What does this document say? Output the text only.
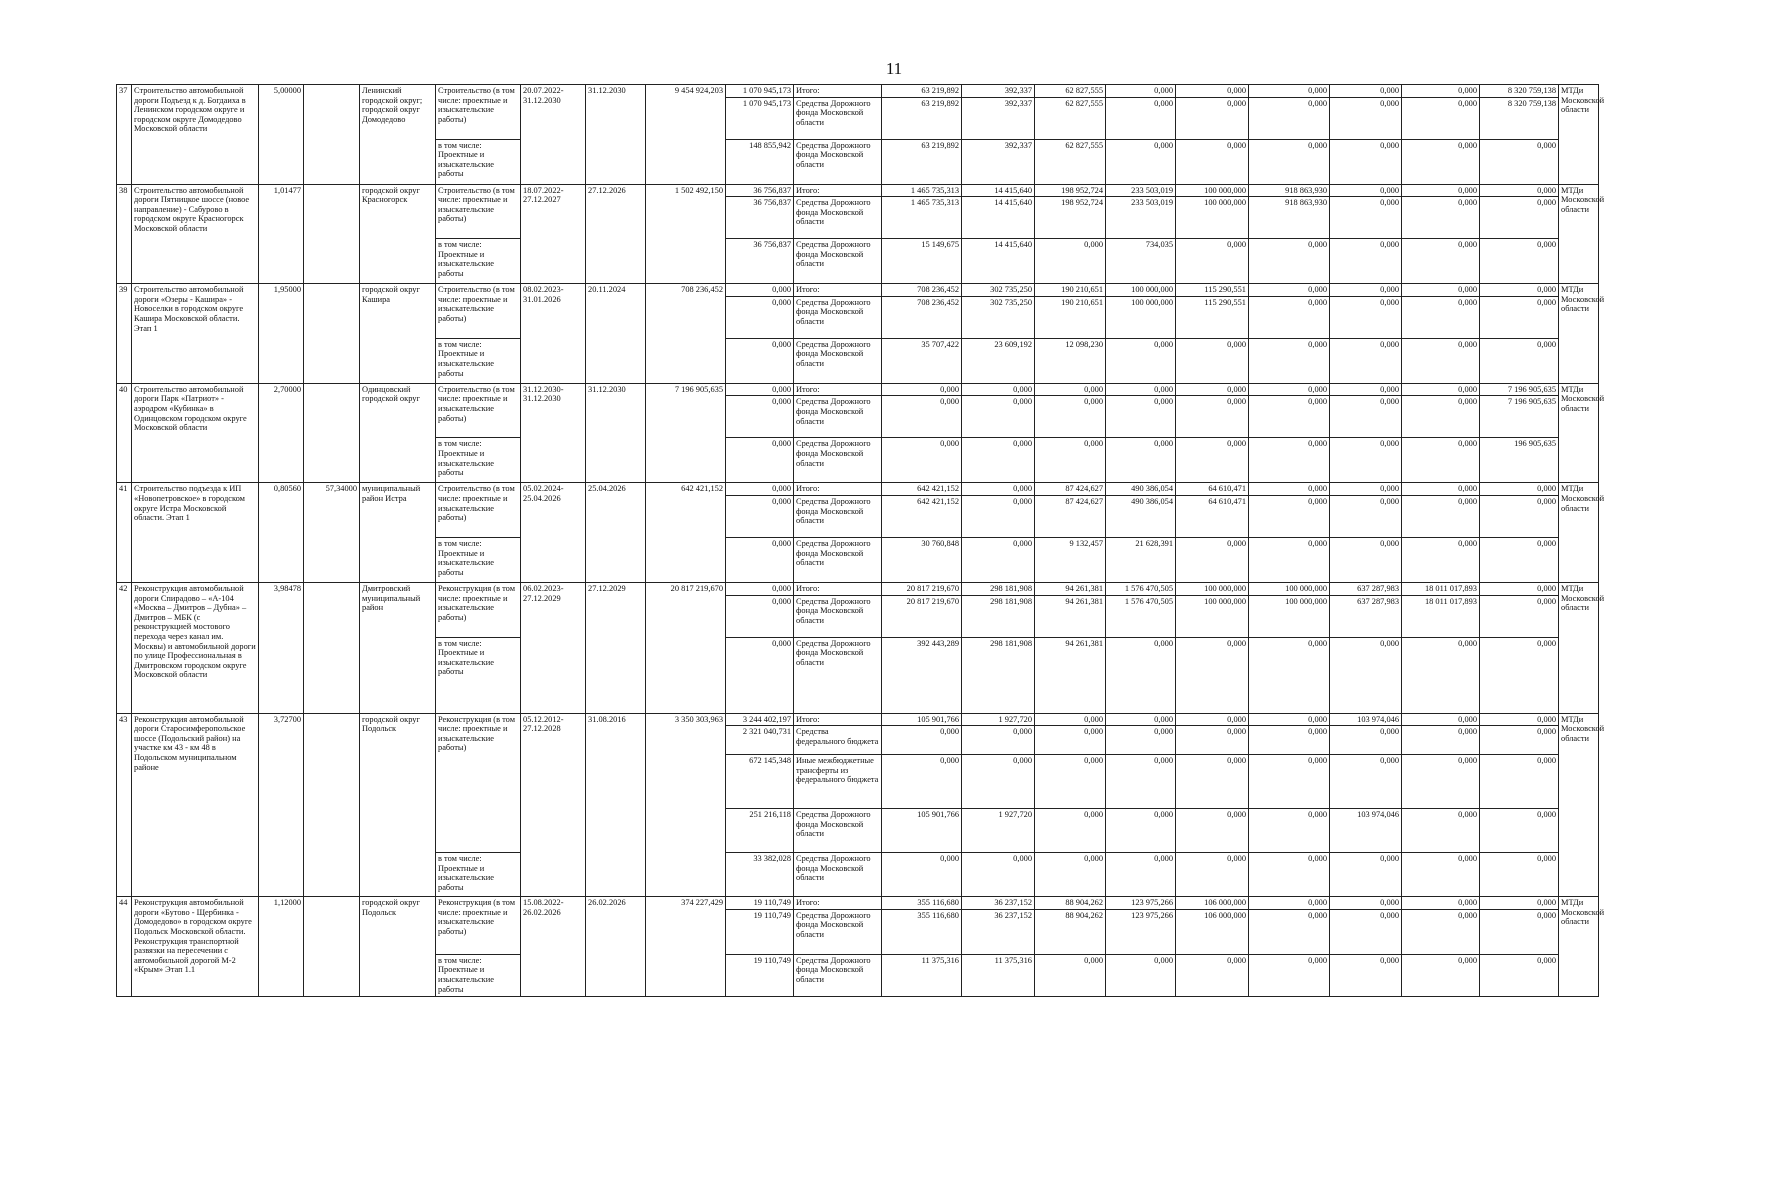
11
37	Строительство автомобильной дороги Подъезд к д. Богдаиха в Ленинском городском округе и городском округе Домодедово Московской области	5,00000		Ленинский городской округ; городской округ Домодедово	Строительство (в том числе: проектные и изыскательские работы)	20.07.2022-31.12.2030	31.12.2030	9 454 924,203	1 070 945,173	Итого:	63 219,892	392,337	62 827,555	0,000	0,000	0,000	0,000	0,000	8 320 759,138	МТДи Московской области
									1 070 945,173	Средства Дорожного фонда Московской области	63 219,892	392,337	62 827,555	0,000	0,000	0,000	0,000	0,000	8 320 759,138	
					в том числе: Проектные и изыскательские работы				148 855,942	Средства Дорожного фонда Московской области	63 219,892	392,337	62 827,555	0,000	0,000	0,000	0,000	0,000	0,000	
38	Строительство автомобильной дороги Пятницкое шоссе (новое направление) - Сабурово в городском округе Красногорск Московской области	1,01477		городской округ Красногорск	Строительство (в том числе: проектные и изыскательские работы)	18.07.2022-27.12.2027	27.12.2026	1 502 492,150	36 756,837	Итого:	1 465 735,313	14 415,640	198 952,724	233 503,019	100 000,000	918 863,930	0,000	0,000	0,000	МТДи Московской области
									36 756,837	Средства Дорожного фонда Московской области	1 465 735,313	14 415,640	198 952,724	233 503,019	100 000,000	918 863,930	0,000	0,000	0,000	
					в том числе: Проектные и изыскательские работы				36 756,837	Средства Дорожного фонда Московской области	15 149,675	14 415,640	0,000	734,035	0,000	0,000	0,000	0,000	0,000	
39	Строительство автомобильной дороги «Озеры - Каширa» - Новоселки в городском округе Кашира Московской области. Этап 1	1,95000		городской округ Кашира	Строительство (в том числе: проектные и изыскательские работы)	08.02.2023-31.01.2026	20.11.2024	708 236,452	0,000	Итого:	708 236,452	302 735,250	190 210,651	100 000,000	115 290,551	0,000	0,000	0,000	0,000	МТДи Московской области
									0,000	Средства Дорожного фонда Московской области	708 236,452	302 735,250	190 210,651	100 000,000	115 290,551	0,000	0,000	0,000	0,000	
					в том числе: Проектные и изыскательские работы				0,000	Средства Дорожного фонда Московской области	35 707,422	23 609,192	12 098,230	0,000	0,000	0,000	0,000	0,000	0,000	
40	Строительство автомобильной дороги Парк «Патриот» - аэродром «Кубинка» в Одинцовском городском округе Московской области	2,70000		Одинцовский городской округ	Строительство (в том числе: проектные и изыскательские работы)	31.12.2030-31.12.2030	31.12.2030	7 196 905,635	0,000	Итого:	0,000	0,000	0,000	0,000	0,000	0,000	0,000	0,000	7 196 905,635	МТДи Московской области
									0,000	Средства Дорожного фонда Московской области	0,000	0,000	0,000	0,000	0,000	0,000	0,000	0,000	7 196 905,635	
					в том числе: Проектные и изыскательские работы				0,000	Средства Дорожного фонда Московской области	0,000	0,000	0,000	0,000	0,000	0,000	0,000	0,000	196 905,635	
41	Строительство подъезда к ИП «Новопетровское» в городском округе Истра Московской области. Этап 1	0,80560	57,34000	муниципальный район Истра	Строительство (в том числе: проектные и изыскательские работы)	05.02.2024-25.04.2026	25.04.2026	642 421,152	0,000	Итого:	642 421,152	0,000	87 424,627	490 386,054	64 610,471	0,000	0,000	0,000	0,000	МТДи Московской области
									0,000	Средства Дорожного фонда Московской области	642 421,152	0,000	87 424,627	490 386,054	64 610,471	0,000	0,000	0,000	0,000	
					в том числе: Проектные и изыскательские работы				0,000	Средства Дорожного фонда Московской области	30 760,848	0,000	9 132,457	21 628,391	0,000	0,000	0,000	0,000	0,000	
42	Реконструкция автомобильной дороги Спирадово – «А-104 «Москва – Дмитров – Дубна» – Дмитров – МБК (с реконструкцией мостового перехода через канал им. Москвы) и автомобильной дороги по улице Профессиональная в Дмитровском городском округе Московской области	3,98478		Дмитровский муниципальный район	Реконструкция (в том числе: проектные и изыскательские работы)	06.02.2023-27.12.2029	27.12.2029	20 817 219,670	0,000	Итого:	20 817 219,670	298 181,908	94 261,381	1 576 470,505	100 000,000	100 000,000	637 287,983	18 011 017,893	0,000	МТДи Московской области
									0,000	Средства Дорожного фонда Московской области	20 817 219,670	298 181,908	94 261,381	1 576 470,505	100 000,000	100 000,000	637 287,983	18 011 017,893	0,000	
					в том числе: Проектные и изыскательские работы				0,000	Средства Дорожного фонда Московской области	392 443,289	298 181,908	94 261,381	0,000	0,000	0,000	0,000	0,000	0,000	
43	Реконструкция автомобильной дороги Старосимферопольское шоссе (Подольский район) на участке км 43 - км 48 в Подольском муниципальном районе	3,72700		городской округ Подольск	Реконструкция (в том числе: проектные и изыскательские работы)	05.12.2012-27.12.2028	31.08.2016	3 350 303,963	3 244 402,197	Итого:	105 901,766	1 927,720	0,000	0,000	0,000	0,000	103 974,046	0,000	0,000	МТДи Московской области
									2 321 040,731	Средства федерального бюджета	0,000	0,000	0,000	0,000	0,000	0,000	0,000	0,000	0,000	
									672 145,348	Иные межбюджетные трансферты из федерального бюджета	0,000	0,000	0,000	0,000	0,000	0,000	0,000	0,000	0,000	
									251 216,118	Средства Дорожного фонда Московской области	105 901,766	1 927,720	0,000	0,000	0,000	0,000	103 974,046	0,000	0,000	
					в том числе: Проектные и изыскательские работы				33 382,028	Средства Дорожного фонда Московской области	0,000	0,000	0,000	0,000	0,000	0,000	0,000	0,000	0,000	
44	Реконструкция автомобильной дороги «Бутово - Щербинка - Домодедово» в городском округе Подольск Московской области. Реконструкция транспортной развязки на пересечении с автомобильной дорогой М-2 «Крым» Этап 1.1	1,12000		городской округ Подольск	Реконструкция (в том числе: проектные и изыскательские работы)	15.08.2022-26.02.2026	26.02.2026	374 227,429	19 110,749	Итого:	355 116,680	36 237,152	88 904,262	123 975,266	106 000,000	0,000	0,000	0,000	0,000	МТДи Московской области
									19 110,749	Средства Дорожного фонда Московской области	355 116,680	36 237,152	88 904,262	123 975,266	106 000,000	0,000	0,000	0,000	0,000	
					в том числе: Проектные и изыскательские работы				19 110,749	Средства Дорожного фонда Московской области	11 375,316	11 375,316	0,000	0,000	0,000	0,000	0,000	0,000	0,000	
